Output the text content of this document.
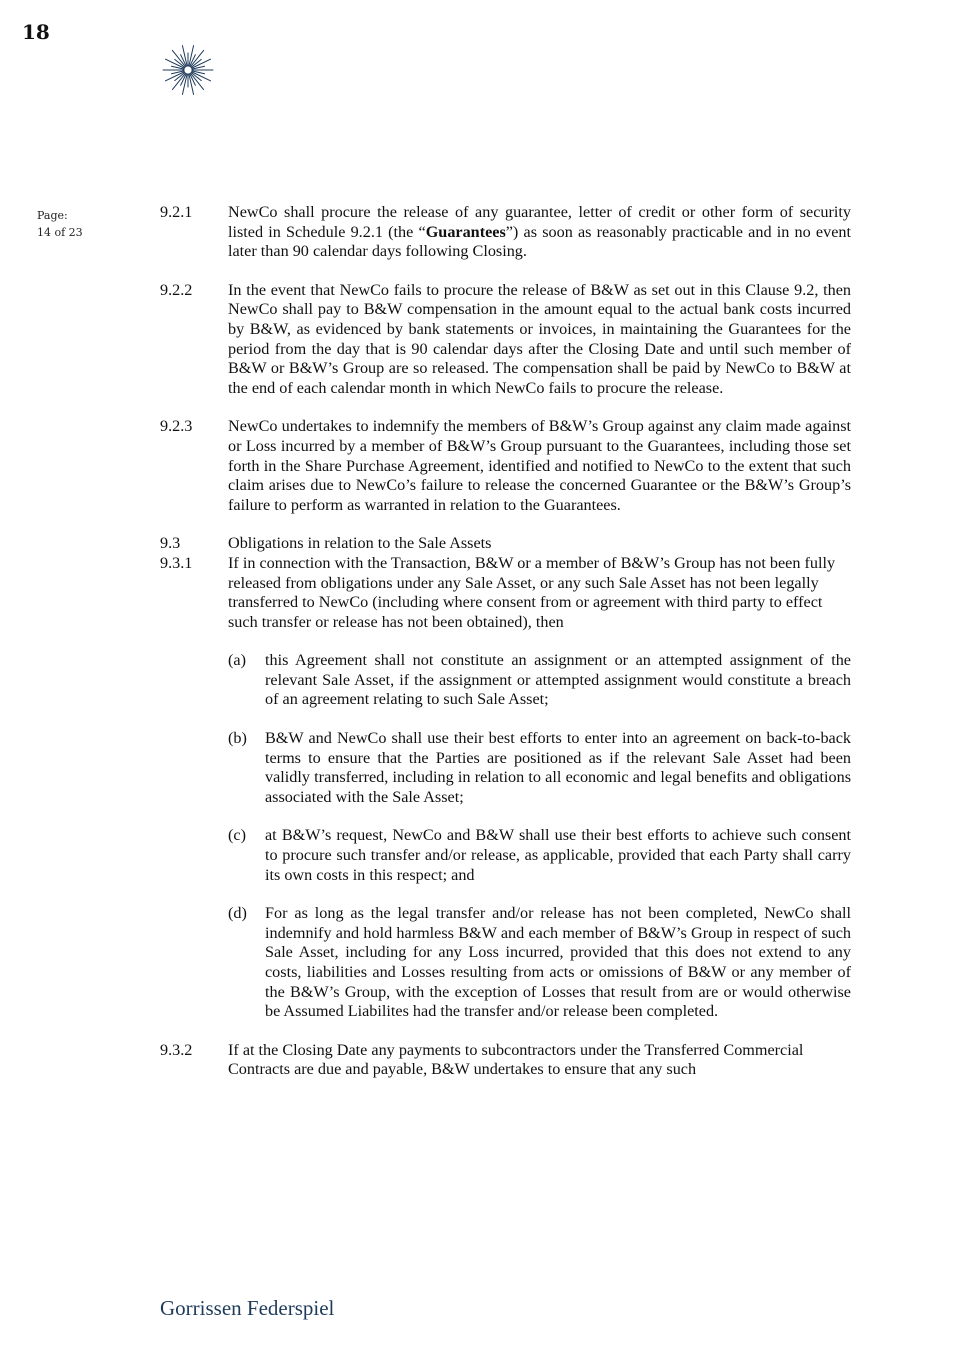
18
Page:
14 of 23
9.2.1	NewCo shall procure the release of any guarantee, letter of credit or other form of security listed in Schedule 9.2.1 (the “Guarantees”) as soon as reasonably practicable and in no event later than 90 calendar days following Closing.
9.2.2	In the event that NewCo fails to procure the release of B&W as set out in this Clause 9.2, then NewCo shall pay to B&W compensation in the amount equal to the actual bank costs incurred by B&W, as evidenced by bank statements or invoices, in maintaining the Guarantees for the period from the day that is 90 calendar days after the Closing Date and until such member of B&W or B&W’s Group are so released. The compensation shall be paid by NewCo to B&W at the end of each calendar month in which NewCo fails to procure the release.
9.2.3	NewCo undertakes to indemnify the members of B&W’s Group against any claim made against or Loss incurred by a member of B&W’s Group pursuant to the Guarantees, including those set forth in the Share Purchase Agreement, identified and notified to NewCo to the extent that such claim arises due to NewCo’s failure to release the concerned Guarantee or the B&W’s Group’s failure to perform as warranted in relation to the Guarantees.
9.3	Obligations in relation to the Sale Assets
9.3.1	If in connection with the Transaction, B&W or a member of B&W’s Group has not been fully released from obligations under any Sale Asset, or any such Sale Asset has not been legally transferred to NewCo (including where consent from or agreement with third party to effect such transfer or release has not been obtained), then
(a)	this Agreement shall not constitute an assignment or an attempted assignment of the relevant Sale Asset, if the assignment or attempted assignment would constitute a breach of an agreement relating to such Sale Asset;
(b)	B&W and NewCo shall use their best efforts to enter into an agreement on back-to-back terms to ensure that the Parties are positioned as if the relevant Sale Asset had been validly transferred, including in relation to all economic and legal benefits and obligations associated with the Sale Asset;
(c)	at B&W’s request, NewCo and B&W shall use their best efforts to achieve such consent to procure such transfer and/or release, as applicable, provided that each Party shall carry its own costs in this respect; and
(d)	For as long as the legal transfer and/or release has not been completed, NewCo shall indemnify and hold harmless B&W and each member of B&W’s Group in respect of such Sale Asset, including for any Loss incurred, provided that this does not extend to any costs, liabilities and Losses resulting from acts or omissions of B&W or any member of the B&W’s Group, with the exception of Losses that result from are or would otherwise be Assumed Liabilites had the transfer and/or release been completed.
9.3.2	If at the Closing Date any payments to subcontractors under the Transferred Commercial Contracts are due and payable, B&W undertakes to ensure that any such
Gorrissen Federspiel
